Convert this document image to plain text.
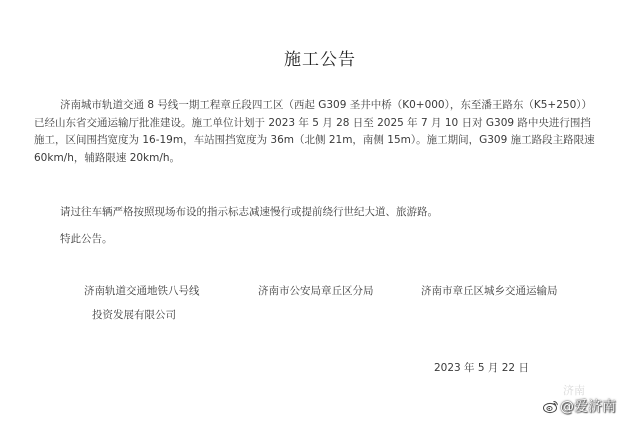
施工公告

济南城市轨道交通 8 号线一期工程章丘段四工区（西起 G309 圣井中桥（K0+000），东至潘王路东（K5+250））

已经山东省交通运输厅批准建设。施工单位计划于 2023 年 5 月 28 日至 2025 年 7 月 10 日对 G309 路中央进行围挡

施工，区间围挡宽度为 16-19m，车站围挡宽度为 36m（北侧 21m，南侧 15m）。施工期间，G309 施工路段主路限速

60km/h，辅路限速 20km/h。

请过往车辆严格按照现场布设的指示标志减速慢行或提前绕行世纪大道、旅游路。

特此公告。

济南轨道交通地铁八号线
投资发展有限公司
济南市公安局章丘区分局	济南市章丘区城乡交通运输局
2023 年 5 月 22 日
济南
@爱济南
